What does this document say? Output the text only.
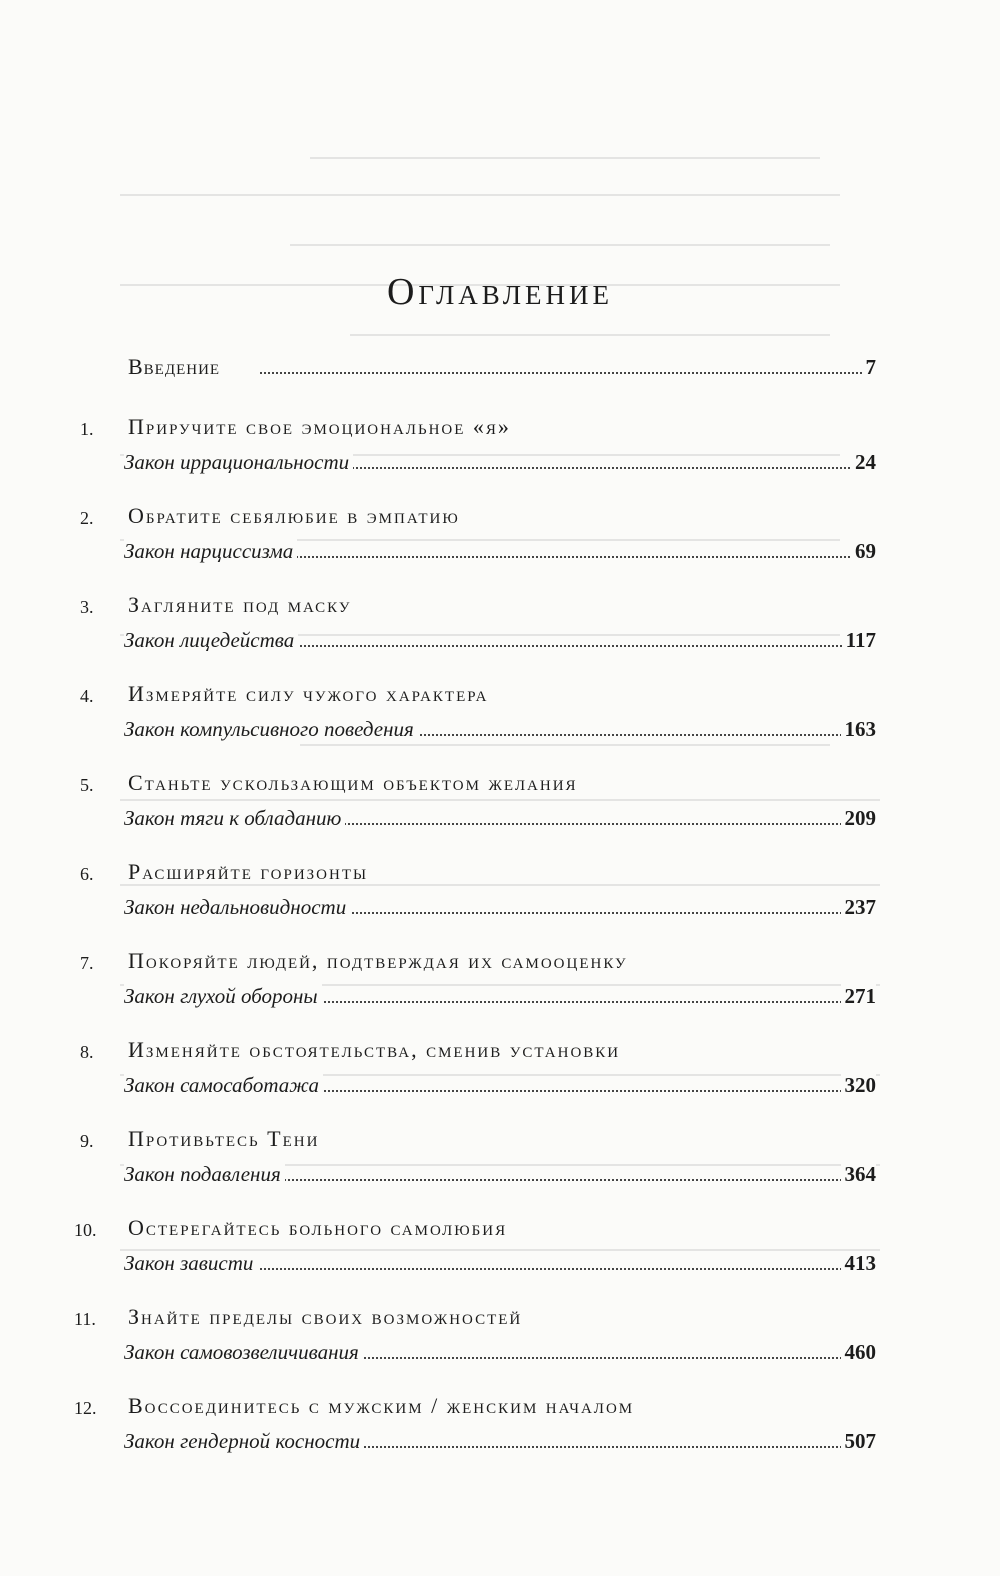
Оглавление
Введение	7
1. Приручите свое эмоциональное «я»
Закон иррациональности	24
2. Обратите себялюбие в эмпатию
Закон нарциссизма	69
3. Загляните под маску
Закон лицедейства	117
4. Измеряйте силу чужого характера
Закон компульсивного поведения	163
5. Станьте ускользающим объектом желания
Закон тяги к обладанию	209
6. Расширяйте горизонты
Закон недальновидности	237
7. Покоряйте людей, подтверждая их самооценку
Закон глухой обороны	271
8. Изменяйте обстоятельства, сменив установки
Закон самосаботажа	320
9. Противьтесь Тени
Закон подавления	364
10. Остерегайтесь больного самолюбия
Закон зависти	413
11. Знайте пределы своих возможностей
Закон самовозвеличивания	460
12. Воссоединитесь с мужским / женским началом
Закон гендерной косности	507
